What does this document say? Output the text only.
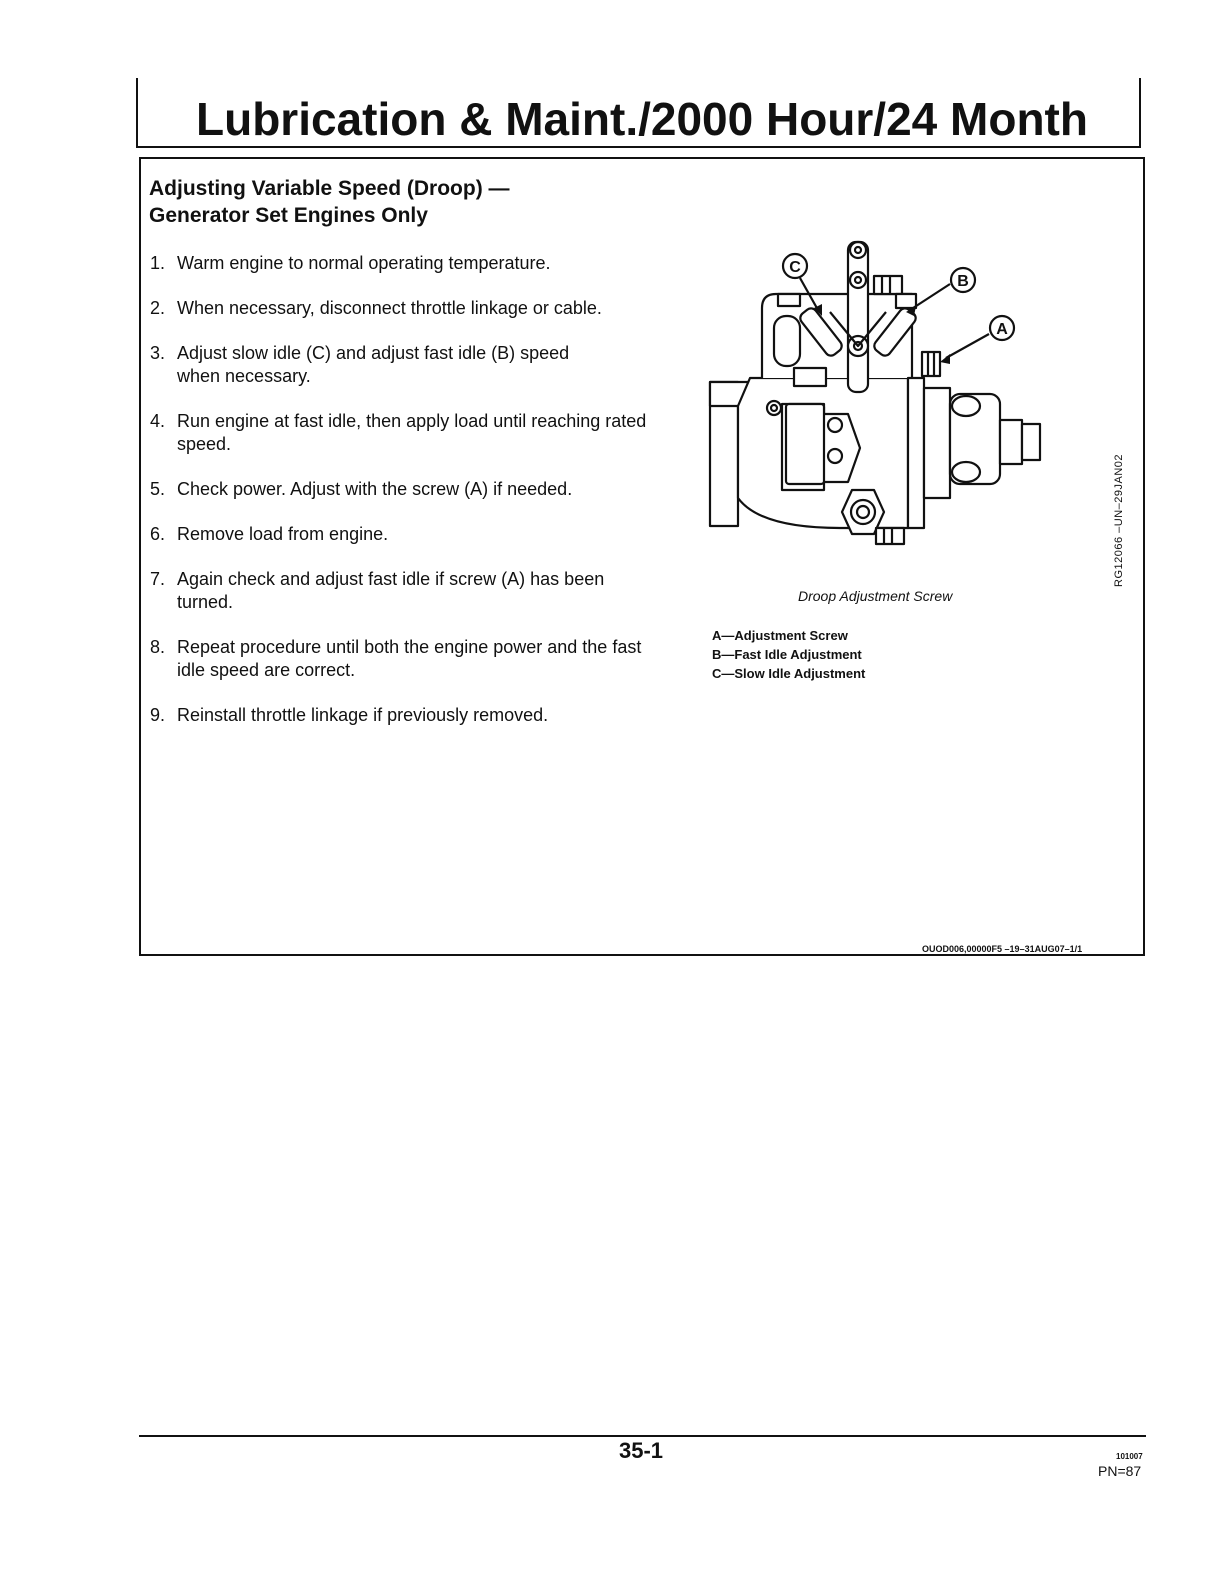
Lubrication & Maint./2000 Hour/24 Month
Adjusting Variable Speed (Droop) —
Generator Set Engines Only
1. Warm engine to normal operating temperature.
2. When necessary, disconnect throttle linkage or cable.
3. Adjust slow idle (C) and adjust fast idle (B) speed when necessary.
4. Run engine at fast idle, then apply load until reaching rated speed.
5. Check power. Adjust with the screw (A) if needed.
6. Remove load from engine.
7. Again check and adjust fast idle if screw (A) has been turned.
8. Repeat procedure until both the engine power and the fast idle speed are correct.
9. Reinstall throttle linkage if previously removed.
C
B
A
RG12066 –UN–29JAN02
Droop Adjustment Screw
A—Adjustment Screw
B—Fast Idle Adjustment
C—Slow Idle Adjustment
OUOD006,00000F5 –19–31AUG07–1/1
35-1	101007
PN=87
